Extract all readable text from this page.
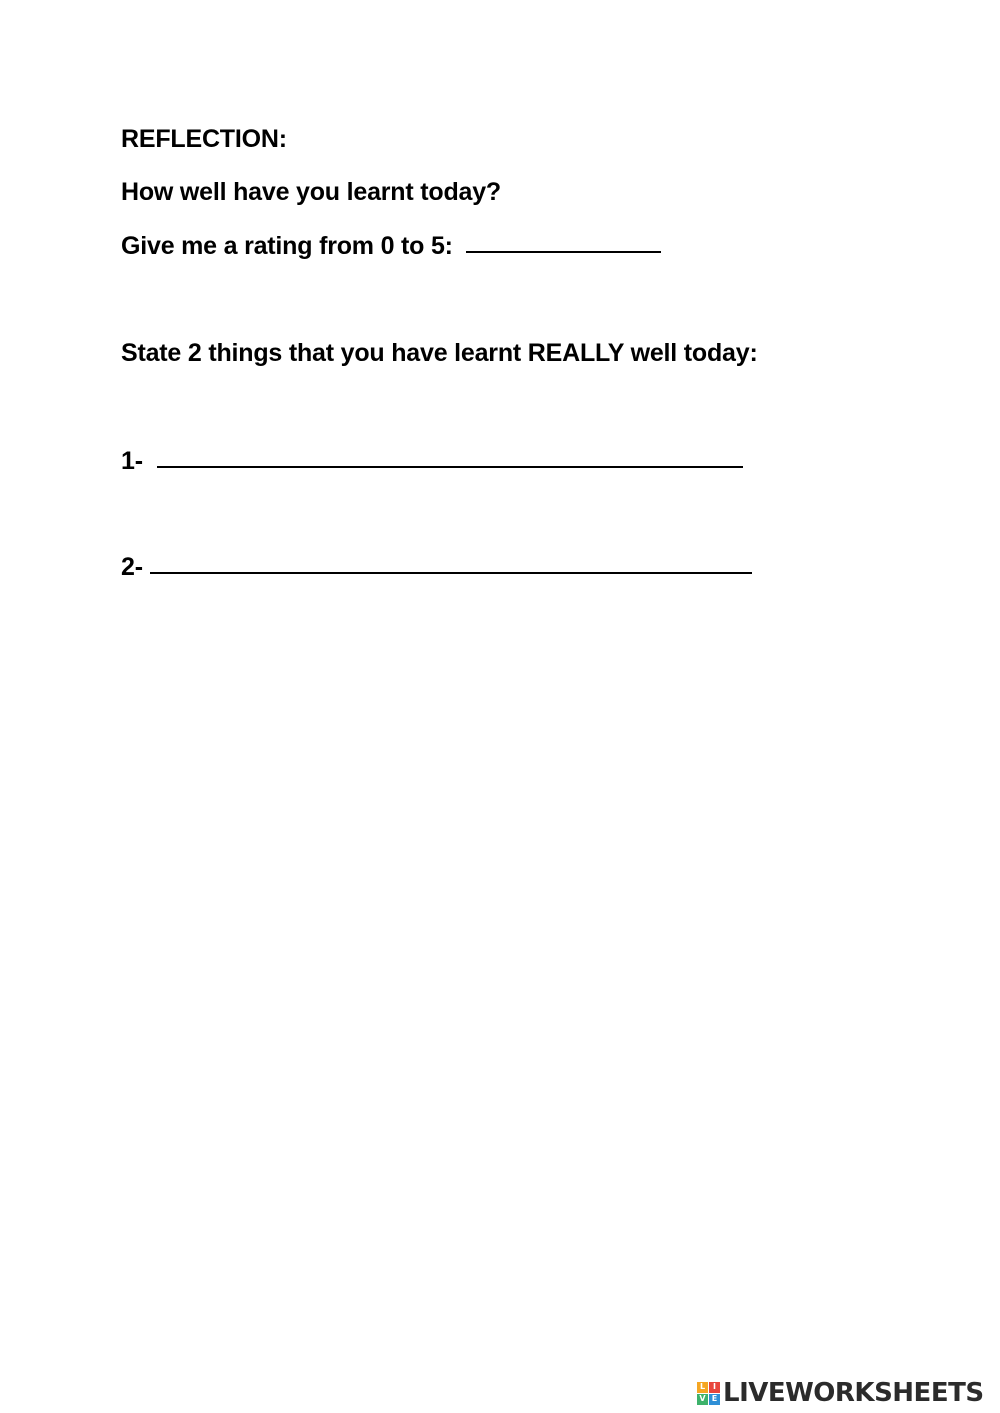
REFLECTION:
How well have you learnt today?
Give me a rating from 0 to 5:
State 2 things that you have learnt REALLY well today:
1-
2-
L I
V E LIVEWORKSHEETS
